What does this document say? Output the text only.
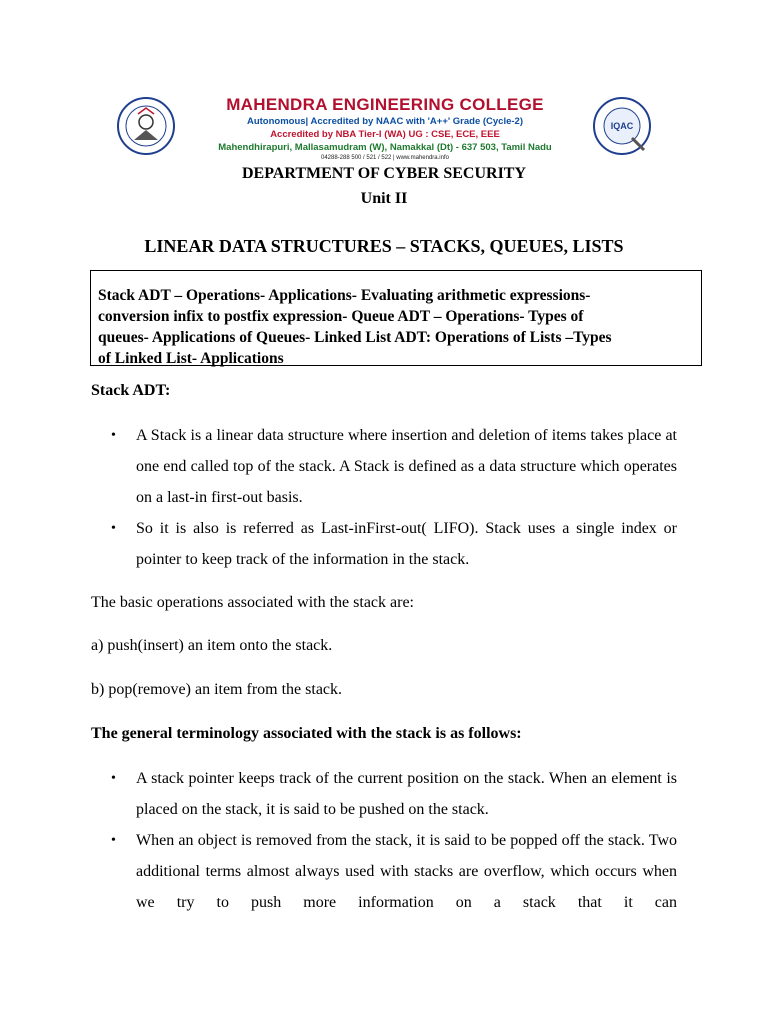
MAHENDRA ENGINEERING COLLEGE
Autonomous| Accredited by NAAC with 'A++' Grade (Cycle-2)
Accredited by NBA Tier-I (WA) UG : CSE, ECE, EEE
Mahendhirapuri, Mallasamudram (W), Namakkal (Dt) - 637 503, Tamil Nadu
04288-288 500 / 521 / 522 | www.mahendra.info
IQAC
DEPARTMENT OF CYBER SECURITY
Unit II
LINEAR DATA STRUCTURES – STACKS, QUEUES, LISTS
Stack ADT – Operations- Applications- Evaluating arithmetic expressions-
conversion infix to postfix expression- Queue ADT – Operations- Types of
queues- Applications of Queues- Linked List ADT: Operations of Lists –Types
of Linked List- Applications
Stack ADT:
• A Stack is a linear data structure where insertion and deletion of items takes place at one end called top of the stack. A Stack is defined as a data structure which operates on a last-in first-out basis.
• So it is also is referred as Last-inFirst-out( LIFO). Stack uses a single index or pointer to keep track of the information in the stack.
The basic operations associated with the stack are:
a) push(insert) an item onto the stack.
b) pop(remove) an item from the stack.
The general terminology associated with the stack is as follows:
• A stack pointer keeps track of the current position on the stack. When an element is placed on the stack, it is said to be pushed on the stack.
• When an object is removed from the stack, it is said to be popped off the stack. Two additional terms almost always used with stacks are overflow, which occurs when we try to push more information on a stack that it can
